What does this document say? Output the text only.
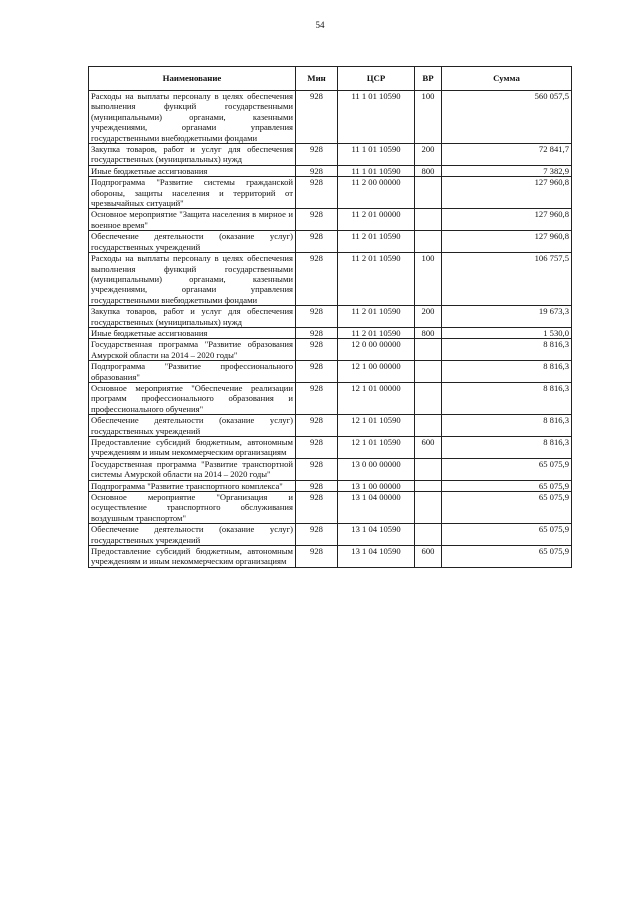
54
Наименование	Мин	ЦСР	ВР	Сумма
Расходы на выплаты персоналу в целях обеспечения выполнения функций государственными (муниципальными) органами, казенными учреждениями, органами управления государственными внебюджетными фондами	928	11 1 01 10590	100	560 057,5
Закупка товаров, работ и услуг для обеспечения государственных (муниципальных) нужд	928	11 1 01 10590	200	72 841,7
Иные бюджетные ассигнования	928	11 1 01 10590	800	7 382,9
Подпрограмма "Развитие системы гражданской обороны, защиты населения и территорий от чрезвычайных ситуаций"	928	11 2 00 00000		127 960,8
Основное мероприятие "Защита населения в мирное и военное время"	928	11 2 01 00000		127 960,8
Обеспечение деятельности (оказание услуг) государственных учреждений	928	11 2 01 10590		127 960,8
Расходы на выплаты персоналу в целях обеспечения выполнения функций государственными (муниципальными) органами, казенными учреждениями, органами управления государственными внебюджетными фондами	928	11 2 01 10590	100	106 757,5
Закупка товаров, работ и услуг для обеспечения государственных (муниципальных) нужд	928	11 2 01 10590	200	19 673,3
Иные бюджетные ассигнования	928	11 2 01 10590	800	1 530,0
Государственная программа "Развитие образования Амурской области на 2014 – 2020 годы"	928	12 0 00 00000		8 816,3
Подпрограмма "Развитие профессионального образования"	928	12 1 00 00000		8 816,3
Основное мероприятие "Обеспечение реализации программ профессионального образования и профессионального обучения"	928	12 1 01 00000		8 816,3
Обеспечение деятельности (оказание услуг) государственных учреждений	928	12 1 01 10590		8 816,3
Предоставление субсидий бюджетным, автономным учреждениям и иным некоммерческим организациям	928	12 1 01 10590	600	8 816,3
Государственная программа "Развитие транспортной системы Амурской области на 2014 – 2020 годы"	928	13 0 00 00000		65 075,9
Подпрограмма "Развитие транспортного комплекса"	928	13 1 00 00000		65 075,9
Основное мероприятие "Организация и осуществление транспортного обслуживания воздушным транспортом"	928	13 1 04 00000		65 075,9
Обеспечение деятельности (оказание услуг) государственных учреждений	928	13 1 04 10590		65 075,9
Предоставление субсидий бюджетным, автономным учреждениям и иным некоммерческим организациям	928	13 1 04 10590	600	65 075,9
